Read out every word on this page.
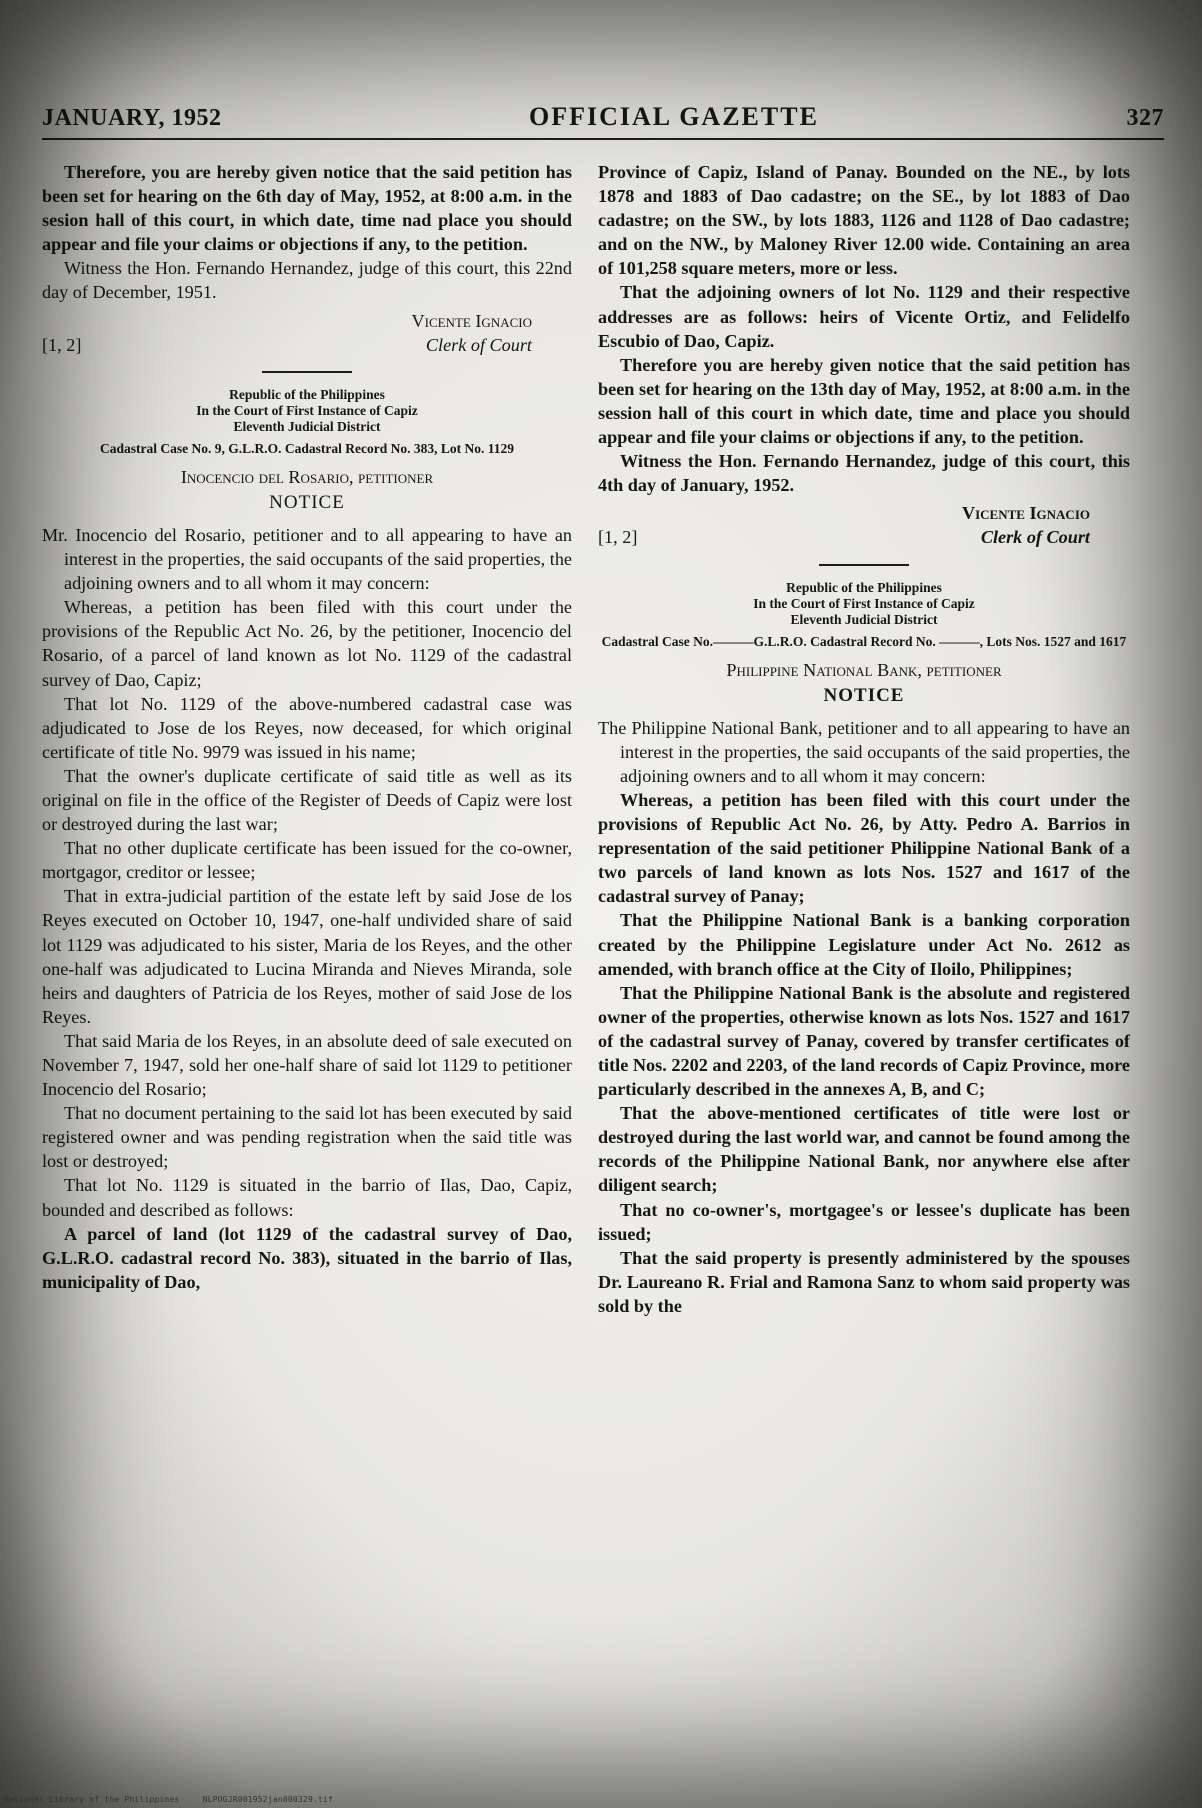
JANUARY, 1952	OFFICIAL GAZETTE	327

Therefore, you are hereby given notice that the said petition has been set for hearing on the 6th day of May, 1952, at 8:00 a.m. in the sesion hall of this court, in which date, time nad place you should appear and file your claims or objections if any, to the petition.

Witness the Hon. Fernando Hernandez, judge of this court, this 22nd day of December, 1951.

[1, 2]
Vicente Ignacio
Clerk of Court
Republic of the Philippines
In the Court of First Instance of Capiz
Eleventh Judicial District
Cadastral Case No. 9, G.L.R.O. Cadastral Record No. 383, Lot No. 1129
Inocencio del Rosario, petitioner
NOTICE

Mr. Inocencio del Rosario, petitioner and to all appearing to have an interest in the properties, the said occupants of the said properties, the adjoining owners and to all whom it may concern:

Whereas, a petition has been filed with this court under the provisions of the Republic Act No. 26, by the petitioner, Inocencio del Rosario, of a parcel of land known as lot No. 1129 of the cadastral survey of Dao, Capiz;

That lot No. 1129 of the above-numbered cadastral case was adjudicated to Jose de los Reyes, now deceased, for which original certificate of title No. 9979 was issued in his name;

That the owner's duplicate certificate of said title as well as its original on file in the office of the Register of Deeds of Capiz were lost or destroyed during the last war;

That no other duplicate certificate has been issued for the co-owner, mortgagor, creditor or lessee;

That in extra-judicial partition of the estate left by said Jose de los Reyes executed on October 10, 1947, one-half undivided share of said lot 1129 was adjudicated to his sister, Maria de los Reyes, and the other one-half was adjudicated to Lucina Miranda and Nieves Miranda, sole heirs and daughters of Patricia de los Reyes, mother of said Jose de los Reyes.

That said Maria de los Reyes, in an absolute deed of sale executed on November 7, 1947, sold her one-half share of said lot 1129 to petitioner Inocencio del Rosario;

That no document pertaining to the said lot has been executed by said registered owner and was pending registration when the said title was lost or destroyed;

That lot No. 1129 is situated in the barrio of Ilas, Dao, Capiz, bounded and described as follows:

A parcel of land (lot 1129 of the cadastral survey of Dao, G.L.R.O. cadastral record No. 383), situated in the barrio of Ilas, municipality of Dao,

Province of Capiz, Island of Panay. Bounded on the NE., by lots 1878 and 1883 of Dao cadastre; on the SE., by lot 1883 of Dao cadastre; on the SW., by lots 1883, 1126 and 1128 of Dao cadastre; and on the NW., by Maloney River 12.00 wide. Containing an area of 101,258 square meters, more or less.

That the adjoining owners of lot No. 1129 and their respective addresses are as follows: heirs of Vicente Ortiz, and Felidelfo Escubio of Dao, Capiz.

Therefore you are hereby given notice that the said petition has been set for hearing on the 13th day of May, 1952, at 8:00 a.m. in the session hall of this court in which date, time and place you should appear and file your claims or objections if any, to the petition.

Witness the Hon. Fernando Hernandez, judge of this court, this 4th day of January, 1952.

[1, 2]
Vicente Ignacio
Clerk of Court
Republic of the Philippines
In the Court of First Instance of Capiz
Eleventh Judicial District
Cadastral Case No.———G.L.R.O. Cadastral Record No. ———, Lots Nos. 1527 and 1617
Philippine National Bank, petitioner
NOTICE

The Philippine National Bank, petitioner and to all appearing to have an interest in the properties, the said occupants of the said properties, the adjoining owners and to all whom it may concern:

Whereas, a petition has been filed with this court under the provisions of Republic Act No. 26, by Atty. Pedro A. Barrios in representation of the said petitioner Philippine National Bank of a two parcels of land known as lots Nos. 1527 and 1617 of the cadastral survey of Panay;

That the Philippine National Bank is a banking corporation created by the Philippine Legislature under Act No. 2612 as amended, with branch office at the City of Iloilo, Philippines;

That the Philippine National Bank is the absolute and registered owner of the properties, otherwise known as lots Nos. 1527 and 1617 of the cadastral survey of Panay, covered by transfer certificates of title Nos. 2202 and 2203, of the land records of Capiz Province, more particularly described in the annexes A, B, and C;

That the above-mentioned certificates of title were lost or destroyed during the last world war, and cannot be found among the records of the Philippine National Bank, nor anywhere else after diligent search;

That no co-owner's, mortgagee's or lessee's duplicate has been issued;

That the said property is presently administered by the spouses Dr. Laureano R. Frial and Ramona Sanz to whom said property was sold by the

National Library of the Philippines	NLPOGJR001952jan000329.tif
